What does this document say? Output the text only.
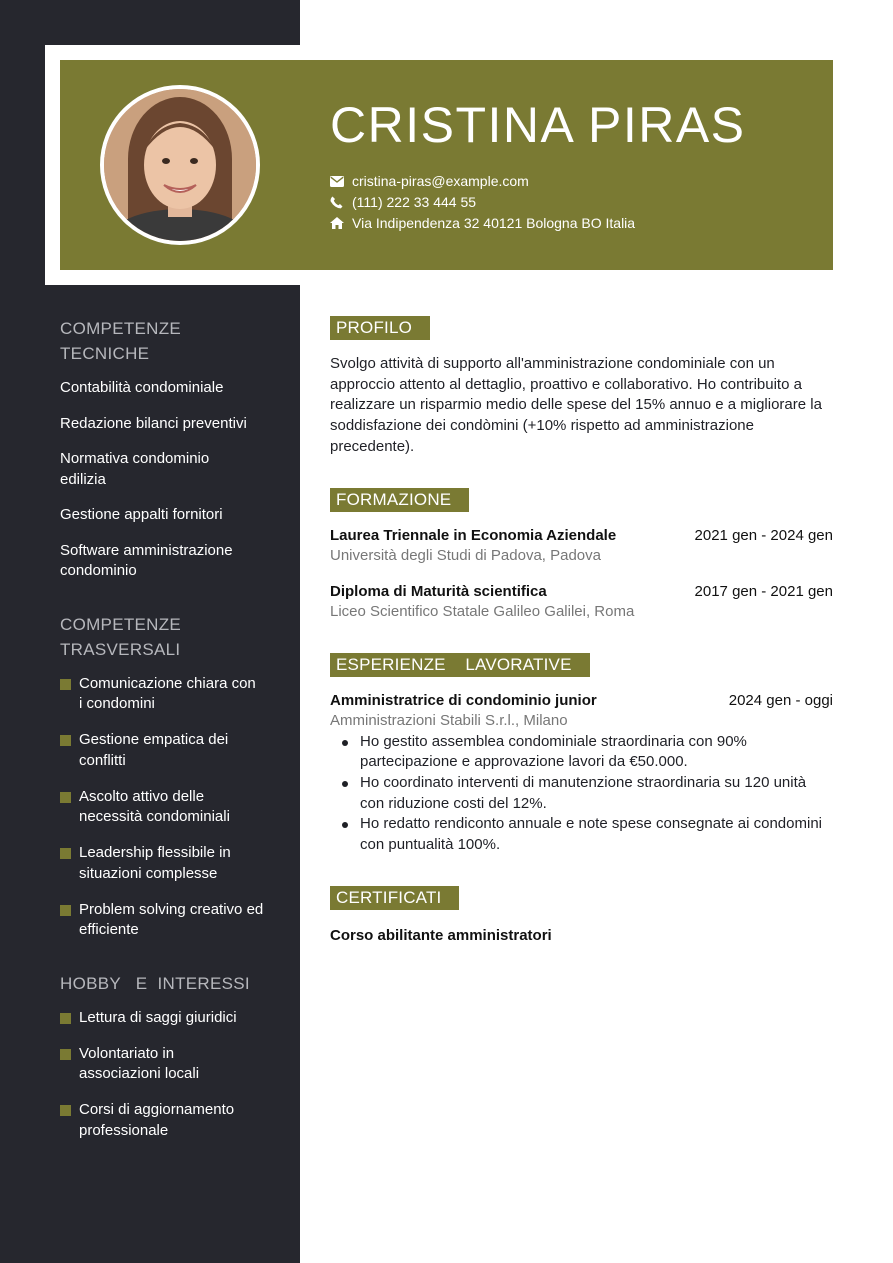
CRISTINA PIRAS
cristina-piras@example.com
(111) 222 33 444 55
Via Indipendenza 32 40121 Bologna BO Italia
COMPETENZE TECNICHE
Contabilità condominiale
Redazione bilanci preventivi
Normativa condominio edilizia
Gestione appalti fornitori
Software amministrazione condominio
COMPETENZE TRASVERSALI
Comunicazione chiara con i condomini
Gestione empatica dei conflitti
Ascolto attivo delle necessità condominiali
Leadership flessibile in situazioni complesse
Problem solving creativo ed efficiente
HOBBY   E  INTERESSI
Lettura di saggi giuridici
Volontariato in associazioni locali
Corsi di aggiornamento professionale
PROFILO

Svolgo attività di supporto all'amministrazione condominiale con un approccio attento al dettaglio, proattivo e collaborativo. Ho contribuito a realizzare un risparmio medio delle spese del 15% annuo e a migliorare la soddisfazione dei condòmini (+10% rispetto ad amministrazione precedente).

FORMAZIONE
Laurea Triennale in Economia Aziendale	2021 gen - 2024 gen
Università degli Studi di Padova, Padova
Diploma di Maturità scientifica	2017 gen - 2021 gen
Liceo Scientifico Statale Galileo Galilei, Roma
ESPERIENZE    LAVORATIVE
Amministratrice di condominio junior	2024 gen - oggi
Amministrazioni Stabili S.r.l., Milano
Ho gestito assemblea condominiale straordinaria con 90% partecipazione e approvazione lavori da €50.000.
Ho coordinato interventi di manutenzione straordinaria su 120 unità con riduzione costi del 12%.
Ho redatto rendiconto annuale e note spese consegnate ai condomini con puntualità 100%.
CERTIFICATI
Corso abilitante amministratori
